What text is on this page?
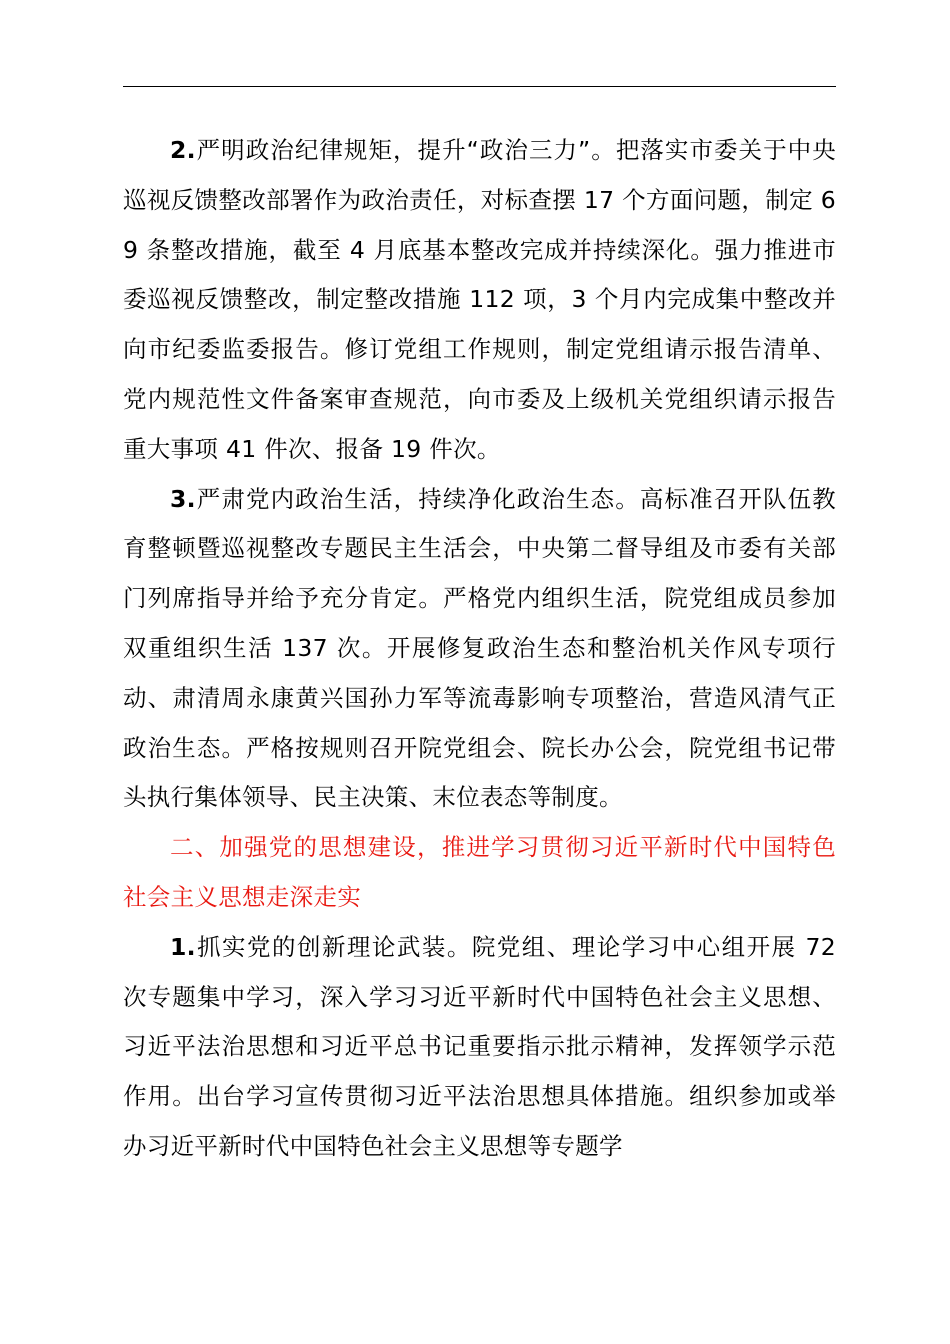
2.严明政治纪律规矩，提升“政治三力”。把落实市委关于中央巡视反馈整改部署作为政治责任，对标查摆 17 个方面问题，制定 69 条整改措施，截至 4 月底基本整改完成并持续深化。强力推进市委巡视反馈整改，制定整改措施 112 项，3 个月内完成集中整改并向市纪委监委报告。修订党组工作规则，制定党组请示报告清单、党内规范性文件备案审查规范，向市委及上级机关党组织请示报告重大事项 41 件次、报备 19 件次。

3.严肃党内政治生活，持续净化政治生态。高标准召开队伍教育整顿暨巡视整改专题民主生活会，中央第二督导组及市委有关部门列席指导并给予充分肯定。严格党内组织生活，院党组成员参加双重组织生活 137 次。开展修复政治生态和整治机关作风专项行动、肃清周永康黄兴国孙力军等流毒影响专项整治，营造风清气正政治生态。严格按规则召开院党组会、院长办公会，院党组书记带头执行集体领导、民主决策、末位表态等制度。

二、加强党的思想建设，推进学习贯彻习近平新时代中国特色社会主义思想走深走实

1.抓实党的创新理论武装。院党组、理论学习中心组开展 72 次专题集中学习，深入学习习近平新时代中国特色社会主义思想、习近平法治思想和习近平总书记重要指示批示精神，发挥领学示范作用。出台学习宣传贯彻习近平法治思想具体措施。组织参加或举办习近平新时代中国特色社会主义思想等专题学
